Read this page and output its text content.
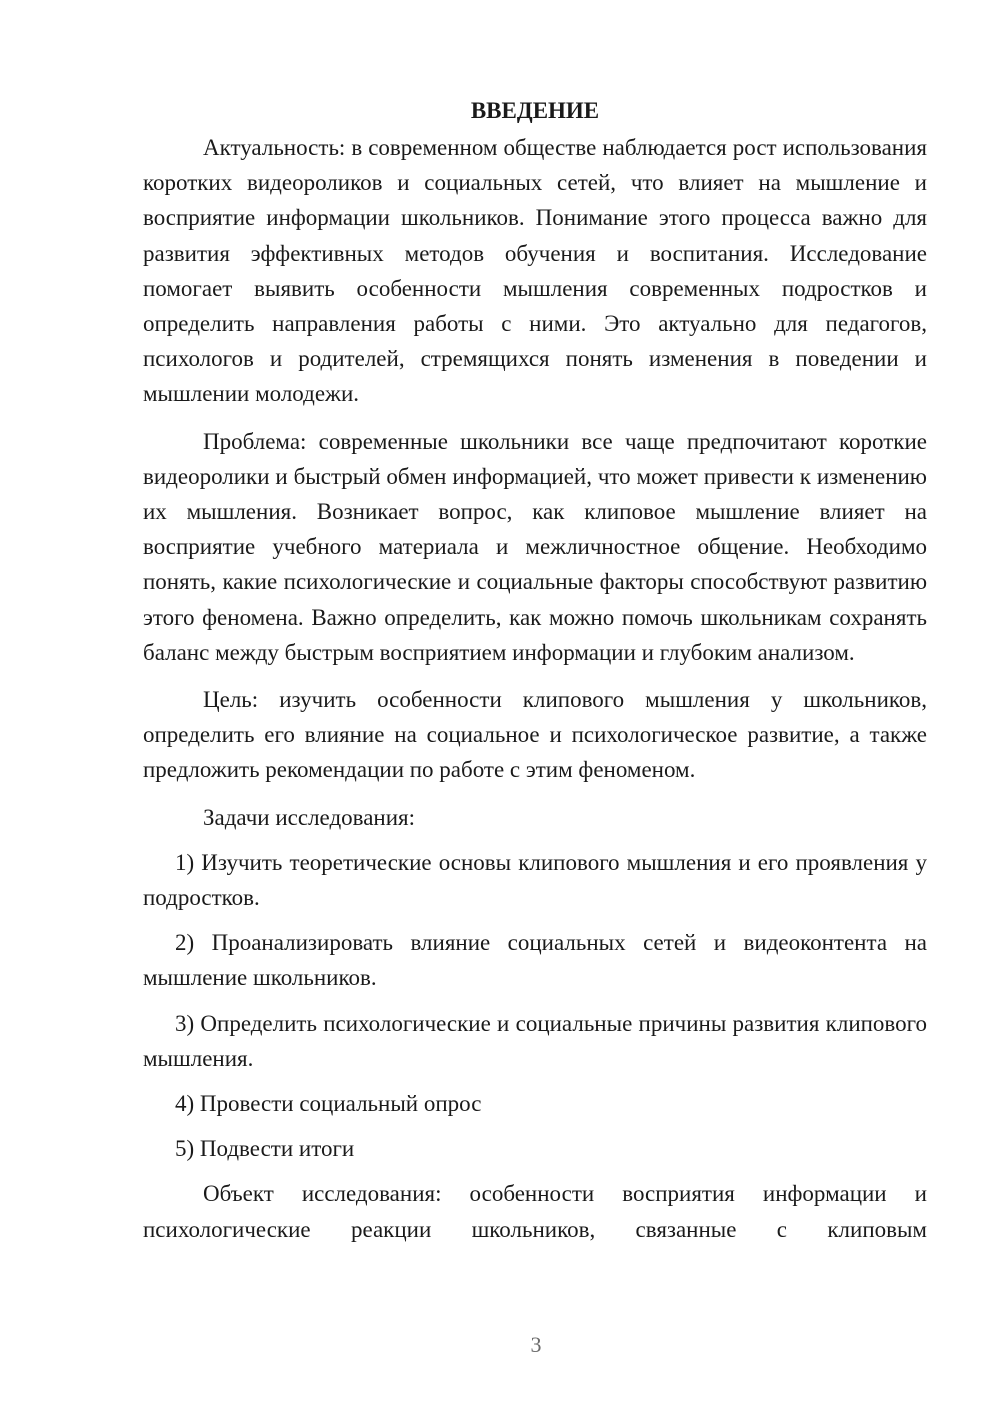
ВВЕДЕНИЕ

Актуальность: в современном обществе наблюдается рост использования коротких видеороликов и социальных сетей, что влияет на мышление и восприятие информации школьников. Понимание этого процесса важно для развития эффективных методов обучения и воспитания. Исследование помогает выявить особенности мышления современных подростков и определить направления работы с ними. Это актуально для педагогов, психологов и родителей, стремящихся понять изменения в поведении и мышлении молодежи.

Проблема: современные школьники все чаще предпочитают короткие видеоролики и быстрый обмен информацией, что может привести к изменению их мышления. Возникает вопрос, как клиповое мышление влияет на восприятие учебного материала и межличностное общение. Необходимо понять, какие психологические и социальные факторы способствуют развитию этого феномена. Важно определить, как можно помочь школьникам сохранять баланс между быстрым восприятием информации и глубоким анализом.

Цель: изучить особенности клипового мышления у школьников, определить его влияние на социальное и психологическое развитие, а также предложить рекомендации по работе с этим феноменом.

Задачи исследования:

1) Изучить теоретические основы клипового мышления и его проявления у подростков.

2) Проанализировать влияние социальных сетей и видеоконтента на мышление школьников.

3) Определить психологические и социальные причины развития клипового мышления.

4) Провести социальный опрос

5) Подвести итоги

Объект исследования: особенности восприятия информации и психологические реакции школьников, связанные с клиповым

3
